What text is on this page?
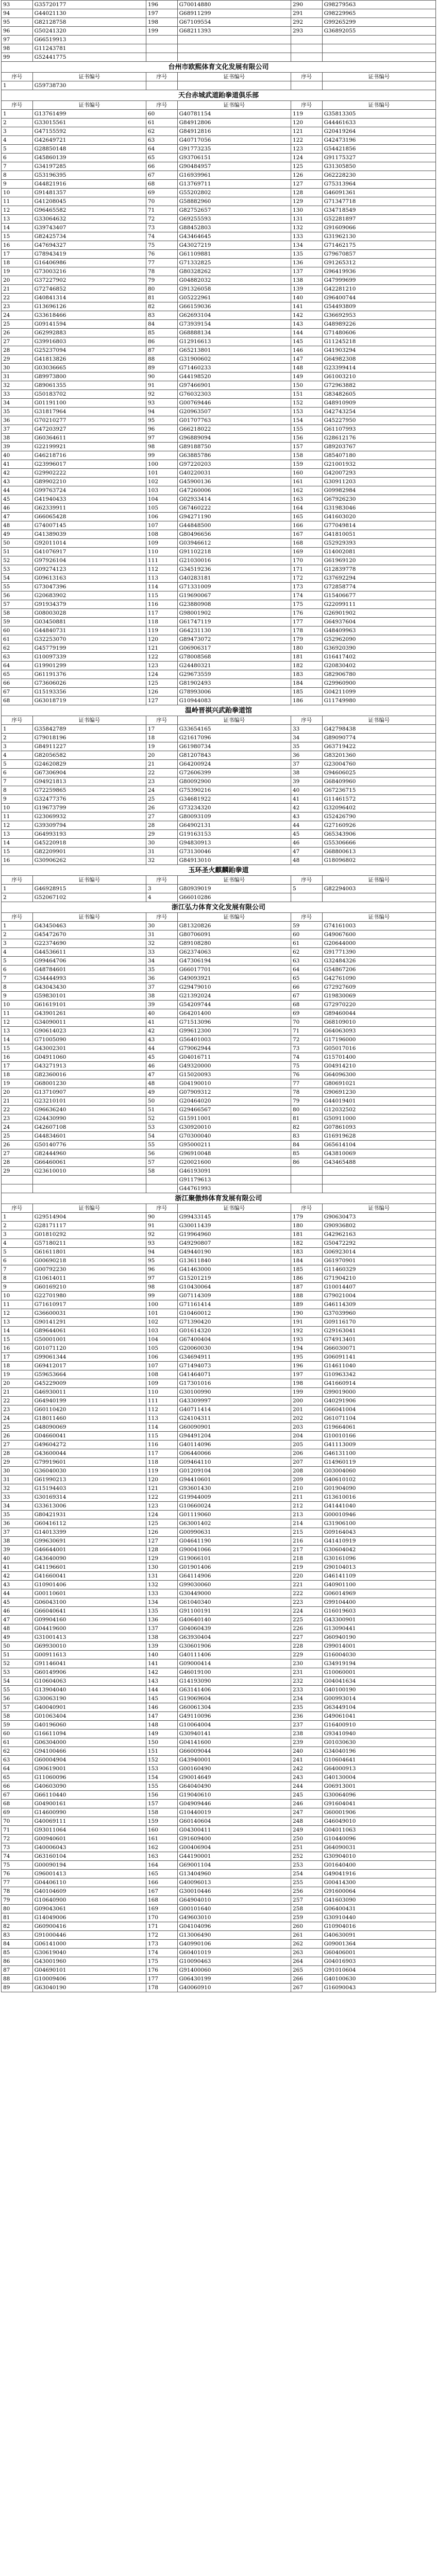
93	G35720177	196	G70014880	290	G98279563
94	G44021130	197	G68911299	291	G98229965
95	G82128758	198	G67109554	292	G99265299
96	G50241320	199	G68211393	293	G36892055
97	G66519913				
98	G11243781				
99	G52441775				
台州市欧熙体育文化发展有限公司					
序号	证书编号	序号	证书编号	序号	证书编号
1	G59738730				
天台赤城武道跆拳道俱乐部					
序号	证书编号	序号	证书编号	序号	证书编号
1	G13761499	60	G40781154	119	G35813305
2	G33015561	61	G84912806	120	G44461633
3	G47155592	62	G84912816	121	G20419264
4	G42649721	63	G40717056	122	G42473196
5	G28850148	64	G91773235	123	G54421856
6	G45860139	65	G93706151	124	G91175327
7	G34197285	66	G90484957	125	G31305850
8	G53196395	67	G16939961	126	G62228230
9	G44821916	68	G13769711	127	G75313964
10	G91481357	69	G55202802	128	G46091361
11	G41208045	70	G58882960	129	G71347718
12	G96465582	71	G82752657	130	G34718549
13	G33064632	72	G69255593	131	G52281897
14	G39743407	73	G88452803	132	G91609066
15	G82425734	74	G43464645	133	G31962130
16	G47694327	75	G43027219	134	G71462175
17	G78943419	76	G61109881	135	G79670857
18	G16406986	77	G71332825	136	G91265312
19	G73003216	78	G80328262	137	G96419936
20	G37227902	79	G04882032	138	G47999699
21	G72746852	80	G91326058	139	G42281210
22	G40841314	81	G05222961	140	G96400744
23	G13696126	82	G66159036	141	G54493809
24	G33618466	83	G62693104	142	G36692953
25	G09141594	84	G73939154	143	G48989226
26	G62992883	85	G68888134	144	G71480606
27	G39916803	86	G12916613	145	G11245218
28	G25237094	87	G65213801	146	G41903294
29	G41813826	88	G31900602	147	G64982308
30	G03036665	89	G71460233	148	G23399414
31	G89973800	90	G44198520	149	G61003210
32	G89061355	91	G97466901	150	G72963882
33	G50183702	92	G76032303	151	G83482605
34	G01191100	93	G00769446	152	G48910909
35	G31817964	94	G20963507	153	G42743254
36	G70210277	95	G01707763	154	G45227950
37	G47203927	96	G66218022	155	G61107993
38	G60364611	97	G96889094	156	G28612176
39	G22199921	98	G89188750	157	G89203767
40	G46218716	99	G63885786	158	G85407180
41	G23996017	100	G97220203	159	G21001932
42	G29902222	101	G40220031	160	G42007293
43	G89902210	102	G45900136	161	G30911203
44	G99763724	103	G47260006	162	G09982984
45	G41940433	104	G02933414	163	G67926230
46	G62339911	105	G67460222	164	G31983046
47	G66065428	106	G94271190	165	G41603020
48	G74007145	107	G44848500	166	G77049814
49	G41389039	108	G80496656	167	G41810051
50	G92011014	109	G03946612	168	G52929393
51	G41076917	110	G91102218	169	G14002081
52	G97926104	111	G21030016	170	G61969120
53	G09274123	112	G34519236	171	G12839778
54	G09613163	113	G40283181	172	G37692294
55	G73047396	114	G71331009	173	G72858774
56	G20683902	115	G19690067	174	G15406677
57	G91934379	116	G23880908	175	G22099111
58	G08003028	117	G98001902	176	G26901902
59	G03450881	118	G61747119	177	G64937604
60	G44840731	119	G64231130	178	G48409963
61	G32253070	120	G89473072	179	G52962090
62	G45779199	121	G06906317	180	G36920390
63	G10097339	122	G78008568	181	G16417402
64	G19901299	123	G24480321	182	G20830402
65	G61191376	124	G29673559	183	G82906780
66	G73606026	125	G81902493	184	G29960900
67	G15193356	126	G78993006	185	G04211099
68	G63018719	127	G10944083	186	G11749980
温岭晋祺兴武跆拳道馆					
序号	证书编号	序号	证书编号	序号	证书编号
1	G35842789	17	G33654165	33	G42798438
2	G79018196	18	G21617096	34	G89090774
3	G84911227	19	G61980734	35	G63719422
4	G82056582	20	G81207843	36	G83201360
5	G24620829	21	G64200924	37	G23004760
6	G67306904	22	G72606399	38	G94606025
7	G94921813	23	G80092900	39	G68409960
8	G72259865	24	G75390216	40	G67236715
9	G32477376	25	G34681922	41	G11461572
10	G19673799	26	G73234320	42	G32096402
11	G23069932	27	G80093109	43	G52426790
12	G39309794	28	G64902131	44	G27160926
13	G64993193	29	G19163153	45	G65343906
14	G45220918	30	G94830913	46	G55306666
15	G82209901	31	G73130046	47	G68800613
16	G30906262	32	G84913010	48	G18096802
玉环圣火麒麟跆拳道					
序号	证书编号	序号	证书编号	序号	证书编号
1	G46928915	3	G80939019	5	G82294003
2	G52067102	4	G66010286		
浙江弘力体育文化发展有限公司					
序号	证书编号	序号	证书编号	序号	证书编号
1	G43450463	30	G81320826	59	G74161003
2	G45472670	31	G80706091	60	G49067600
3	G22374690	32	G89108280	61	G20644000
4	G44536611	33	G62374063	62	G91771390
5	G99464706	34	G47306194	63	G32484326
6	G48784601	35	G66017701	64	G54867206
7	G34444993	36	G49093921	65	G42761090
8	G43043430	37	G29479010	66	G72927609
9	G59830101	38	G21392024	67	G19830069
10	G61619101	39	G54209744	68	G72970220
11	G43901261	40	G64201400	69	G89460044
12	G34090011	41	G71513096	70	G68109010
13	G90614023	42	G99612300	71	G64063093
14	G71005090	43	G56401003	72	G17196000
15	G43002301	44	G79062944	73	G05017016
16	G04911060	45	G04016711	74	G15701400
17	G43271913	46	G49320000	75	G04914210
18	G82360016	47	G15020093	76	G64096300
19	G68001230	48	G04190010	77	G80691021
20	G13710907	49	G07909312	78	G90691230
21	G23210101	50	G20464020	79	G44019401
22	G96636240	51	G29466567	80	G12032502
23	G24430990	52	G15911001	81	G50911000
24	G42607108	53	G30920010	82	G07861093
25	G44834601	54	G70300040	83	G16919628
26	G50140776	55	G95000211	84	G65614104
27	G82444960	56	G96910048	85	G43810069
28	G66460061	57	G20021600	86	G43465488
29	G23610010	58	G46193091		
			G91179613		
			G44761993		
浙江聚傲炜体育发展有限公司					
序号	证书编号	序号	证书编号	序号	证书编号
1	G29514904	90	G99433145	179	G90630473
2	G28171117	91	G30011439	180	G90936802
3	G01810292	92	G19964960	181	G42962163
4	G57180211	93	G49290807	182	G50472292
5	G61611801	94	G49440190	183	G06923014
6	G00690218	95	G13611840	184	G61970901
7	G00792230	96	G41463000	185	G11460329
8	G10614011	97	G15201219	186	G71904210
9	G60169210	98	G10430064	187	G10014407
10	G22701980	99	G07114309	188	G79021004
11	G71610917	100	G71161414	189	G46114309
12	G36600031	101	G10460012	190	G37039960
13	G90141291	102	G71390420	191	G09116170
14	G89644061	103	G01614320	192	G29163041
15	G50001001	104	G67400404	193	G74913401
16	G01071120	105	G20060030	194	G66030071
17	G99061344	106	G34694911	195	G06091141
18	G69412017	107	G71494073	196	G14611040
19	G59653664	108	G41464071	197	G10963342
20	G45229009	109	G17301016	198	G41660914
21	G46930011	110	G30100990	199	G99019000
22	G64940199	111	G43309997	200	G40291906
23	G60110420	112	G40711414	201	G66041004
24	G18011460	113	G24104311	202	G61071104
25	G48090069	114	G60090901	203	G19664061
26	G04660041	115	G94491204	204	G10010166
27	G49604272	116	G40114096	205	G41113009
28	G43600044	117	G06440066	206	G46131100
29	G79919601	118	G09464110	207	G14960119
30	G36040030	119	G01209104	208	G03004060
31	G61990213	120	G94410601	209	G40610102
32	G15194403	121	G93601430	210	G01904090
33	G30169314	122	G19944009	211	G13610016
34	G33613006	123	G10660024	212	G41441040
35	G80421931	124	G01119060	213	G00010946
36	G60416112	125	G63001402	214	G31906100
37	G14013399	126	G00990631	215	G09164043
38	G99630691	127	G04641190	216	G41410919
39	G46644001	128	G90041066	217	G30604042
40	G43640090	129	G19066101	218	G30161096
41	G41196601	130	G01901406	219	G90104013
42	G41660041	131	G64114906	220	G46141109
43	G10901406	132	G99030060	221	G40901100
44	G00110601	133	G30449000	222	G06014969
45	G06043100	134	G61040340	223	G99104400
46	G66040641	135	G91100191	224	G16019603
47	G09904160	136	G40640140	225	G43300901
48	G04419600	137	G04060439	226	G13090441
49	G31001413	138	G63930404	227	G60940190
50	G69930010	139	G30601906	228	G99014001
51	G00911613	140	G40111406	229	G16004030
52	G91146041	141	G09000414	230	G34919194
53	G60149906	142	G46019100	231	G10060001
54	G10604063	143	G14193090	232	G04041634
55	G13904040	144	G63141406	233	G40100190
56	G30063190	145	G19069604	234	G00993014
57	G40040901	146	G60061304	235	G63449104
58	G01063404	147	G49110096	236	G49061041
59	G40196060	148	G10064004	237	G16400910
60	G16611094	149	G30940141	238	G93410940
61	G06304000	150	G04141600	239	G01030630
62	G94100466	151	G66009044	240	G34040196
63	G60004904	152	G43940001	241	G10604641
64	G90619001	153	G00160490	242	G64000913
65	G11060096	154	G90014649	243	G40130004
66	G40603090	155	G64040490	244	G06913001
67	G66110440	156	G19040610	245	G30064096
68	G04900161	157	G04909446	246	G91604041
69	G14600990	158	G10440019	247	G60001906
70	G40069111	159	G60140604	248	G46049010
71	G93011064	160	G04300411	249	G04011063
72	G00940601	161	G91609400	250	G10440096
73	G40006043	162	G00406904	251	G64090031
74	G63160104	163	G44190001	252	G30904010
75	G00090194	164	G69001104	253	G01640400
76	G96001413	165	G13404960	254	G49041916
77	G04406110	166	G40096013	255	G00414300
78	G40104609	167	G30010446	256	G91600064
79	G10640900	168	G64904010	257	G41603090
80	G09043061	169	G00101640	258	G06400431
81	G14049006	170	G49603010	259	G30910440
82	G60900416	171	G04104096	260	G10904016
83	G91000446	172	G13006490	261	G40630091
84	G06141000	173	G40990106	262	G09001364
85	G30619040	174	G60401019	263	G60406001
86	G43001960	175	G10090463	264	G04016903
87	G04690101	176	G91400060	265	G91010604
88	G10009406	177	G06430199	266	G40100630
89	G63040190	178	G40060910	267	G16090043
